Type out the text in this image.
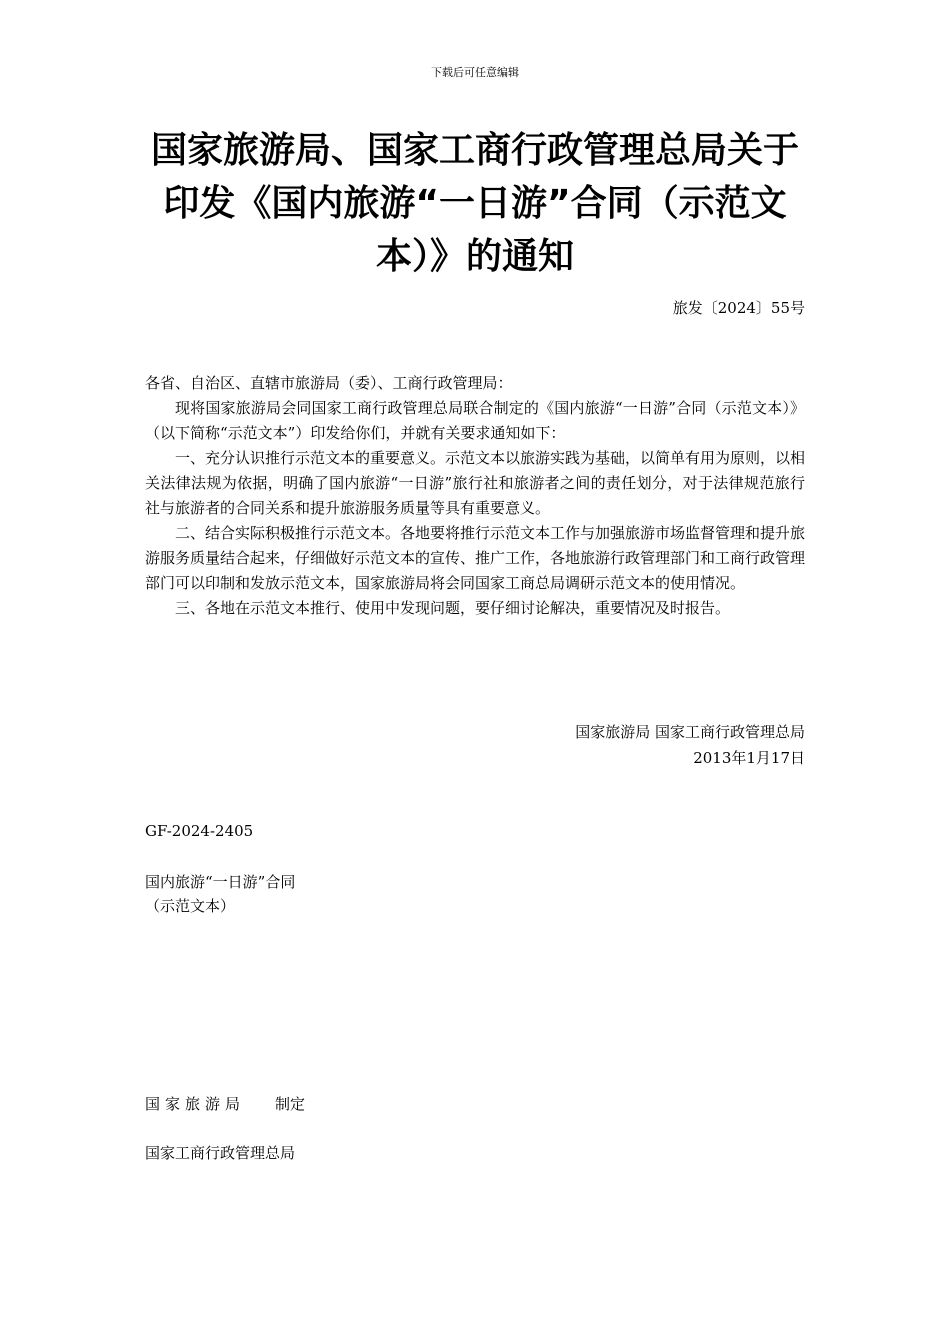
下载后可任意编辑
国家旅游局、国家工商行政管理总局关于印发《国内旅游“一日游”合同（示范文本）》的通知
旅发〔2024〕55号

各省、自治区、直辖市旅游局（委）、工商行政管理局：

现将国家旅游局会同国家工商行政管理总局联合制定的《国内旅游“一日游”合同（示范文本）》（以下简称“示范文本”）印发给你们，并就有关要求通知如下：

一、充分认识推行示范文本的重要意义。示范文本以旅游实践为基础，以简单有用为原则，以相关法律法规为依据，明确了国内旅游“一日游”旅行社和旅游者之间的责任划分，对于法律规范旅行社与旅游者的合同关系和提升旅游服务质量等具有重要意义。

二、结合实际积极推行示范文本。各地要将推行示范文本工作与加强旅游市场监督管理和提升旅游服务质量结合起来，仔细做好示范文本的宣传、推广工作，各地旅游行政管理部门和工商行政管理部门可以印制和发放示范文本，国家旅游局将会同国家工商总局调研示范文本的使用情况。

三、各地在示范文本推行、使用中发现问题，要仔细讨论解决，重要情况及时报告。

国家旅游局 国家工商行政管理总局
2013年1月17日
GF-2024-2405
国内旅游“一日游”合同
（示范文本）
国家旅游局 制定
国家工商行政管理总局
